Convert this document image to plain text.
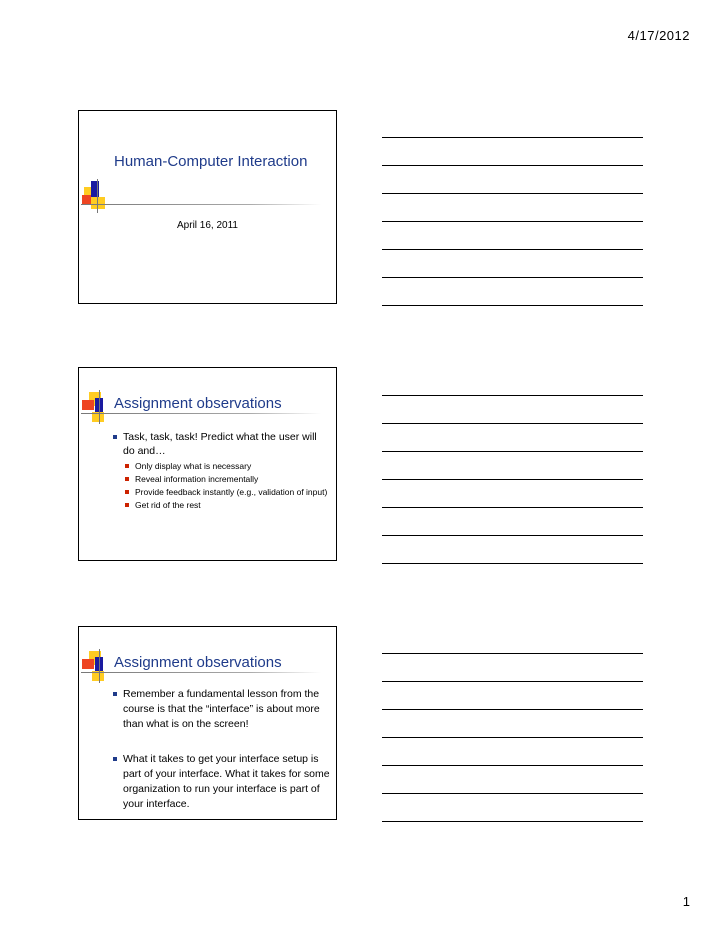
4/17/2012
Human-Computer Interaction
April 16, 2011
Assignment observations
Task, task, task! Predict what the user will do and…
Only display what is necessary
Reveal information incrementally
Provide feedback instantly (e.g., validation of input)
Get rid of the rest
Assignment observations
Remember a fundamental lesson from the course is that the “interface” is about more than what is on the screen!
What it takes to get your interface setup is part of your interface. What it takes for some organization to run your interface is part of your interface.
1
